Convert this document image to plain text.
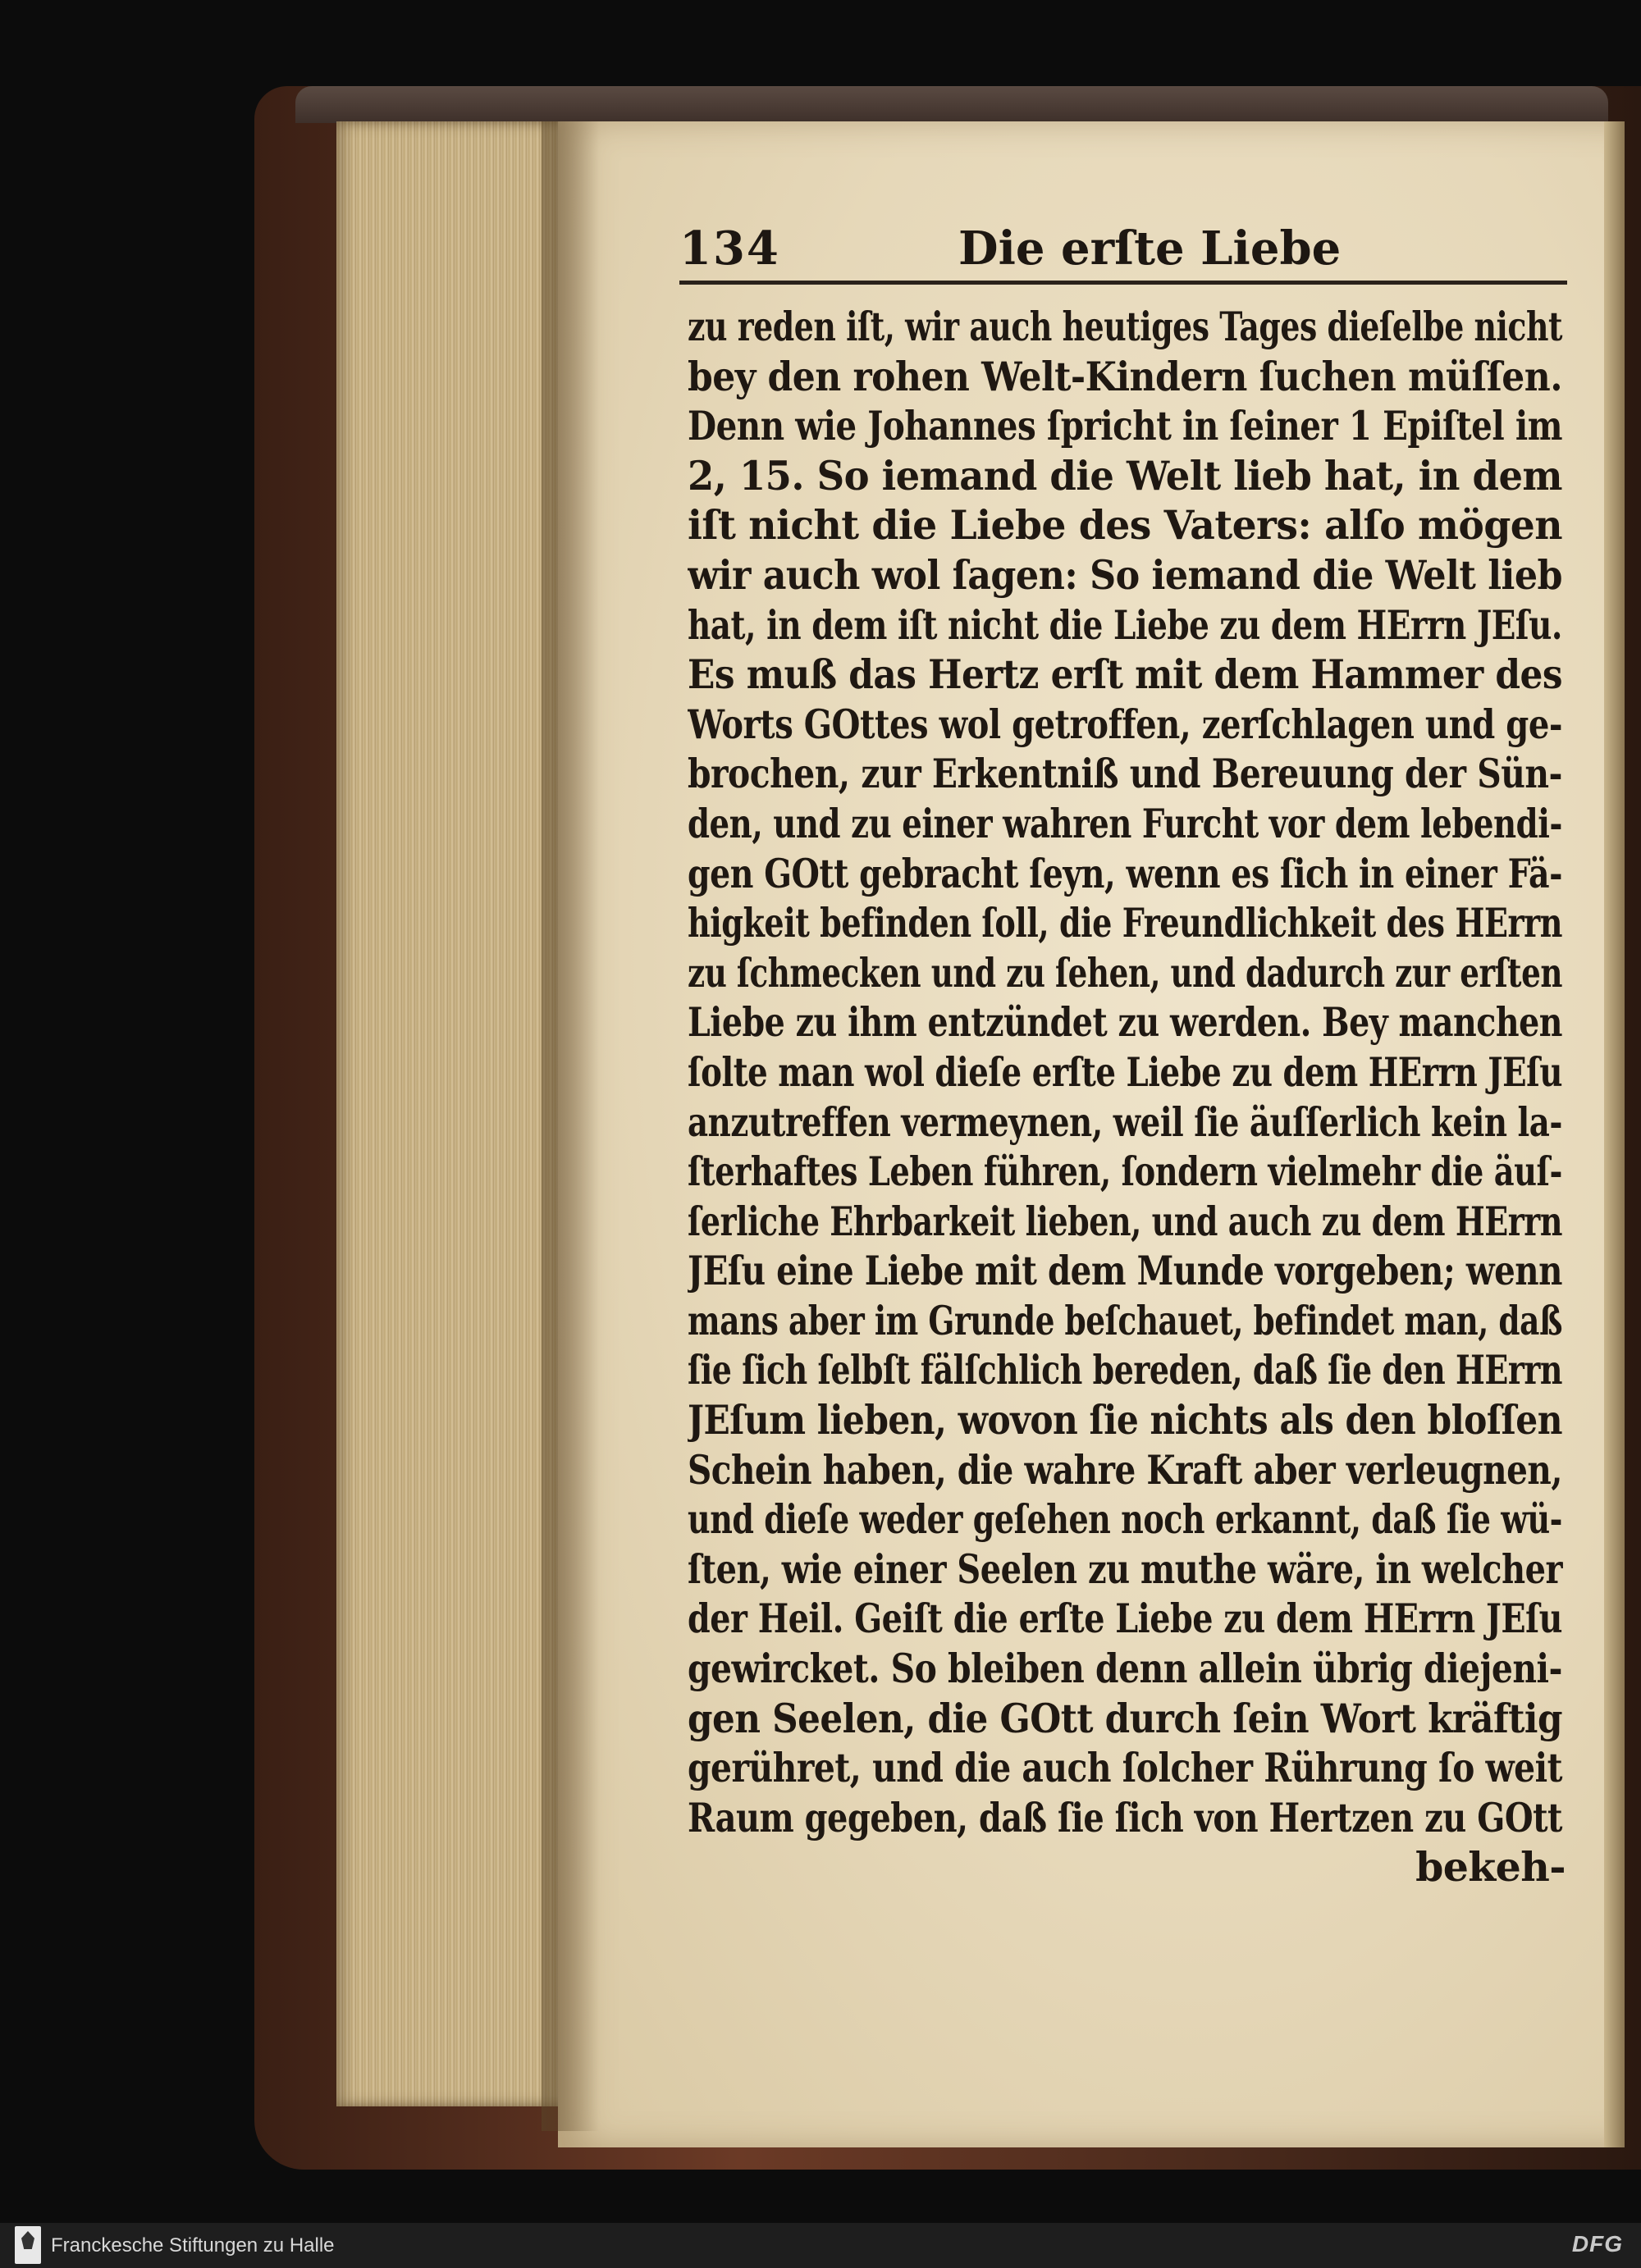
134	Die erſte Liebe
zu reden iſt, wir auch heutiges Tages dieſelbe nicht
bey den rohen Welt-Kindern ſuchen müſſen.
Denn wie Johannes ſpricht in ſeiner 1 Epiſtel im
2, 15. So iemand die Welt lieb hat, in dem
iſt nicht die Liebe des Vaters: alſo mögen
wir auch wol ſagen: So iemand die Welt lieb
hat, in dem iſt nicht die Liebe zu dem HErrn JEſu.
Es muß das Hertz erſt mit dem Hammer des
Worts GOttes wol getroffen, zerſchlagen und ge-
brochen, zur Erkentniß und Bereuung der Sün-
den, und zu einer wahren Furcht vor dem lebendi-
gen GOtt gebracht ſeyn, wenn es ſich in einer Fä-
higkeit befinden ſoll, die Freundlichkeit des HErrn
zu ſchmecken und zu ſehen, und dadurch zur erſten
Liebe zu ihm entzündet zu werden. Bey manchen
ſolte man wol dieſe erſte Liebe zu dem HErrn JEſu
anzutreffen vermeynen, weil ſie äuſſerlich kein la-
ſterhaftes Leben führen, ſondern vielmehr die äuſ-
ſerliche Ehrbarkeit lieben, und auch zu dem HErrn
JEſu eine Liebe mit dem Munde vorgeben; wenn
mans aber im Grunde beſchauet, befindet man, daß
ſie ſich ſelbſt fälſchlich bereden, daß ſie den HErrn
JEſum lieben, wovon ſie nichts als den bloſſen
Schein haben, die wahre Kraft aber verleugnen,
und dieſe weder geſehen noch erkannt, daß ſie wü-
ſten, wie einer Seelen zu muthe wäre, in welcher
der Heil. Geiſt die erſte Liebe zu dem HErrn JEſu
gewircket. So bleiben denn allein übrig diejeni-
gen Seelen, die GOtt durch ſein Wort kräftig
gerühret, und die auch ſolcher Rührung ſo weit
Raum gegeben, daß ſie ſich von Hertzen zu GOtt
bekeh-
Franckesche Stiftungen zu Halle	DFG
